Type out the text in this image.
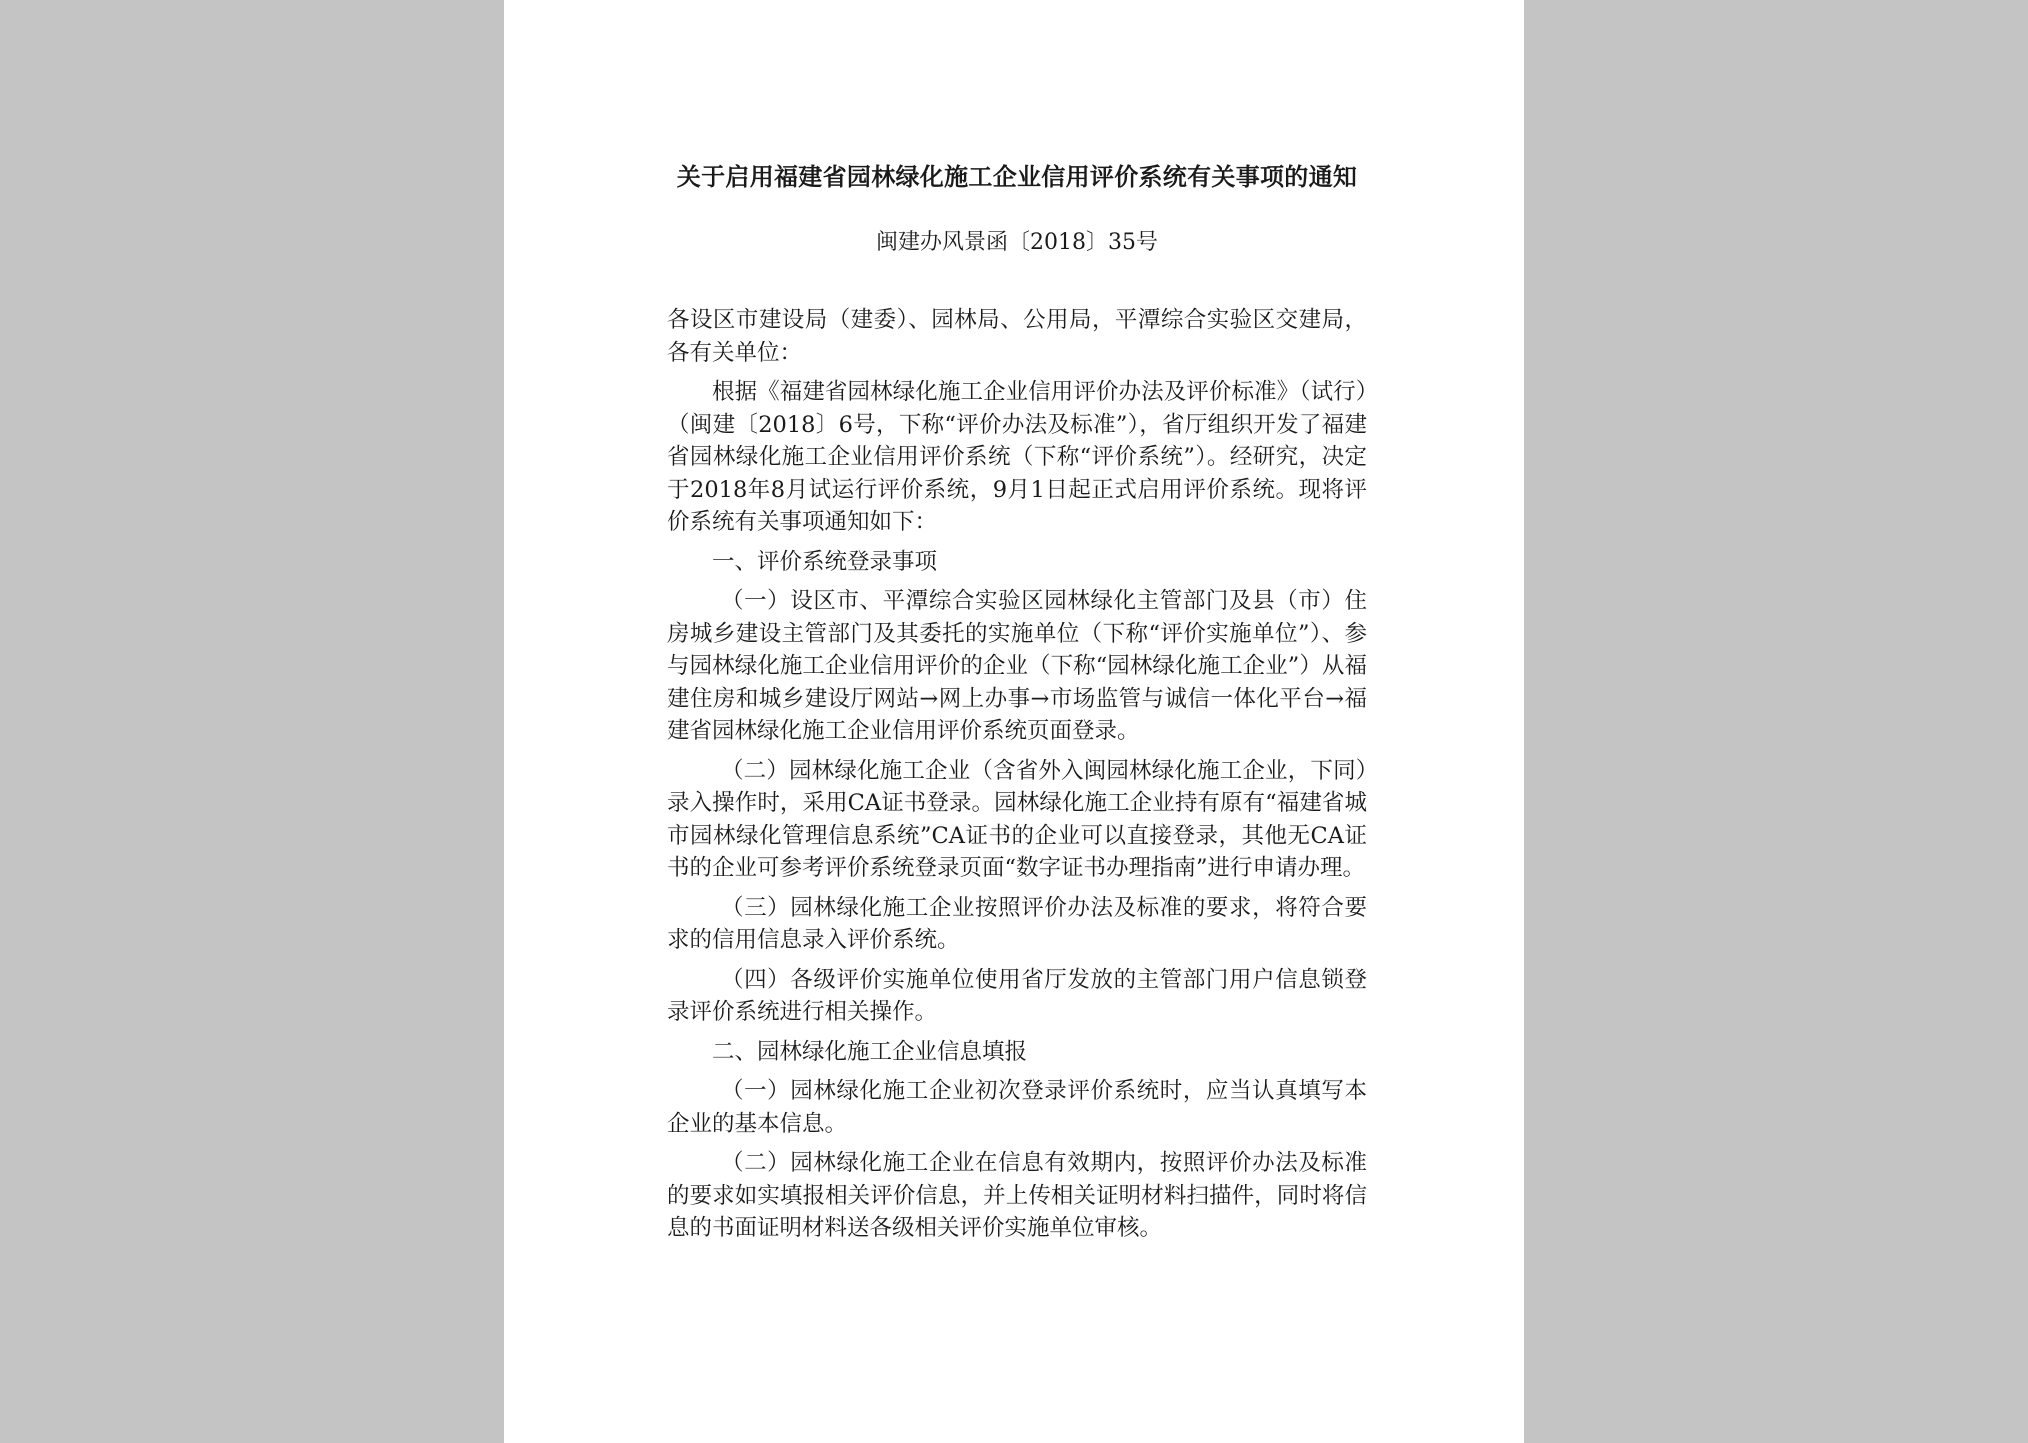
关于启用福建省园林绿化施工企业信用评价系统有关事项的通知
闽建办风景函〔2018〕35号

各设区市建设局（建委）、园林局、公用局，平潭综合实验区交建局，各有关单位：

根据《福建省园林绿化施工企业信用评价办法及评价标准》（试行）（闽建〔2018〕6号，下称“评价办法及标准”），省厅组织开发了福建省园林绿化施工企业信用评价系统（下称“评价系统”）。经研究，决定于2018年8月试运行评价系统，9月1日起正式启用评价系统。现将评价系统有关事项通知如下：

一、评价系统登录事项

（一）设区市、平潭综合实验区园林绿化主管部门及县（市）住房城乡建设主管部门及其委托的实施单位（下称“评价实施单位”）、参与园林绿化施工企业信用评价的企业（下称“园林绿化施工企业”）从福建住房和城乡建设厅网站→网上办事→市场监管与诚信一体化平台→福建省园林绿化施工企业信用评价系统页面登录。

（二）园林绿化施工企业（含省外入闽园林绿化施工企业，下同）录入操作时，采用CA证书登录。园林绿化施工企业持有原有“福建省城市园林绿化管理信息系统”CA证书的企业可以直接登录，其他无CA证书的企业可参考评价系统登录页面“数字证书办理指南”进行申请办理。

（三）园林绿化施工企业按照评价办法及标准的要求，将符合要求的信用信息录入评价系统。

（四）各级评价实施单位使用省厅发放的主管部门用户信息锁登录评价系统进行相关操作。

二、园林绿化施工企业信息填报

（一）园林绿化施工企业初次登录评价系统时，应当认真填写本企业的基本信息。

（二）园林绿化施工企业在信息有效期内，按照评价办法及标准的要求如实填报相关评价信息，并上传相关证明材料扫描件，同时将信息的书面证明材料送各级相关评价实施单位审核。
